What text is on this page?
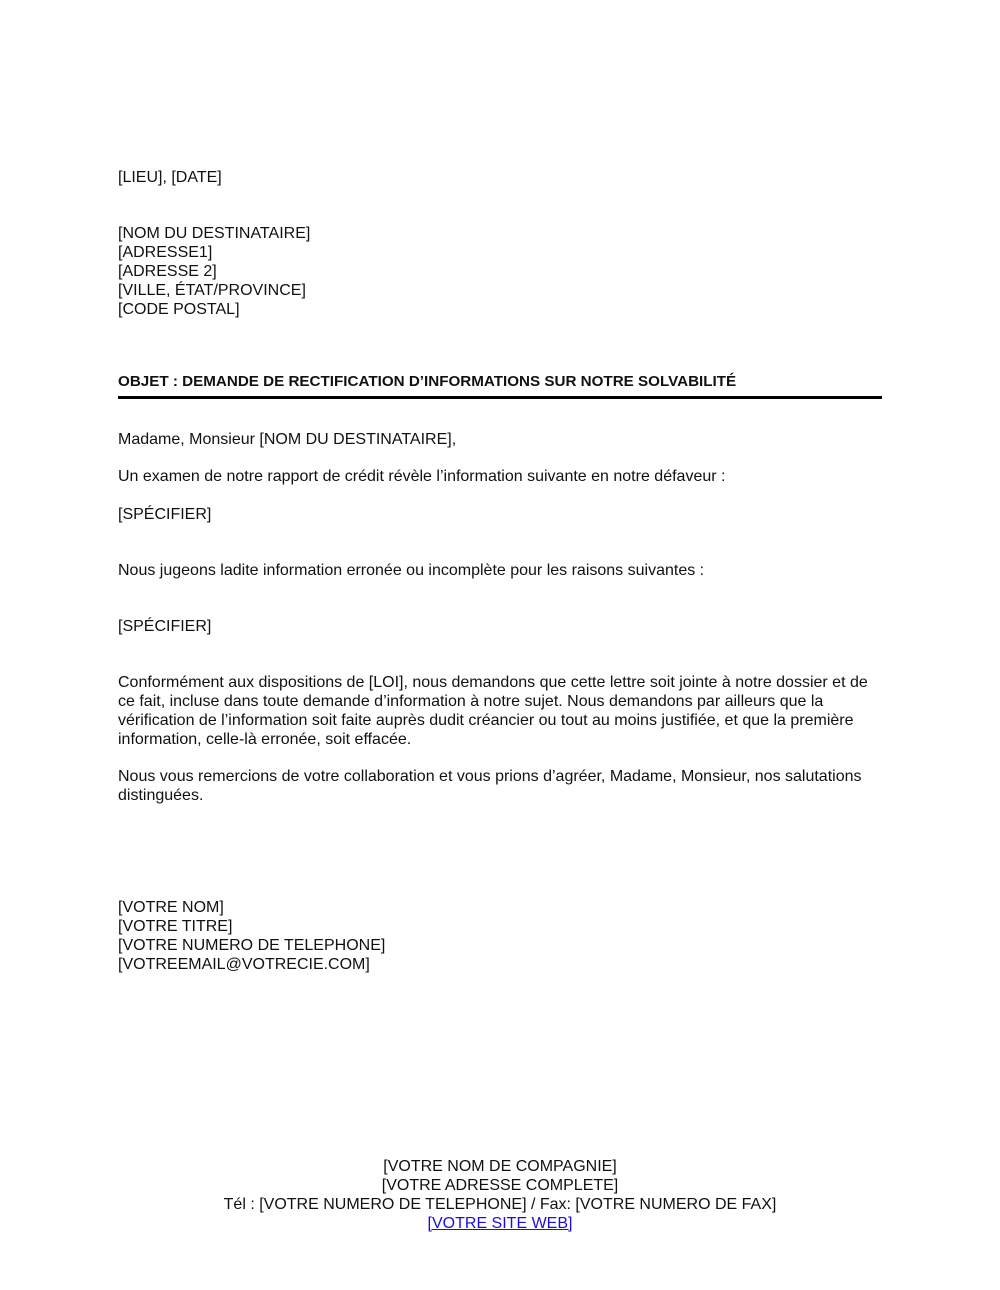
[LIEU], [DATE]
[NOM DU DESTINATAIRE]
[ADRESSE1]
[ADRESSE 2]
[VILLE, ÉTAT/PROVINCE]
[CODE POSTAL]
OBJET : DEMANDE DE RECTIFICATION D’INFORMATIONS SUR NOTRE SOLVABILITÉ
Madame, Monsieur [NOM DU DESTINATAIRE],
Un examen de notre rapport de crédit révèle l’information suivante en notre défaveur :
[SPÉCIFIER]
Nous jugeons ladite information erronée ou incomplète pour les raisons suivantes :
[SPÉCIFIER]
Conformément aux dispositions de [LOI], nous demandons que cette lettre soit jointe à notre dossier et de ce fait, incluse dans toute demande d’information à notre sujet. Nous demandons par ailleurs que la vérification de l’information soit faite auprès dudit créancier ou tout au moins justifiée, et que la première information, celle-là erronée, soit effacée.
Nous vous remercions de votre collaboration et vous prions d’agréer, Madame, Monsieur, nos salutations distinguées.
[VOTRE NOM]
[VOTRE TITRE]
[VOTRE NUMERO DE TELEPHONE]
[VOTREEMAIL@VOTRECIE.COM]
[VOTRE NOM DE COMPAGNIE]
[VOTRE ADRESSE COMPLETE]
Tél : [VOTRE NUMERO DE TELEPHONE] / Fax: [VOTRE NUMERO DE FAX]
[VOTRE SITE WEB]
